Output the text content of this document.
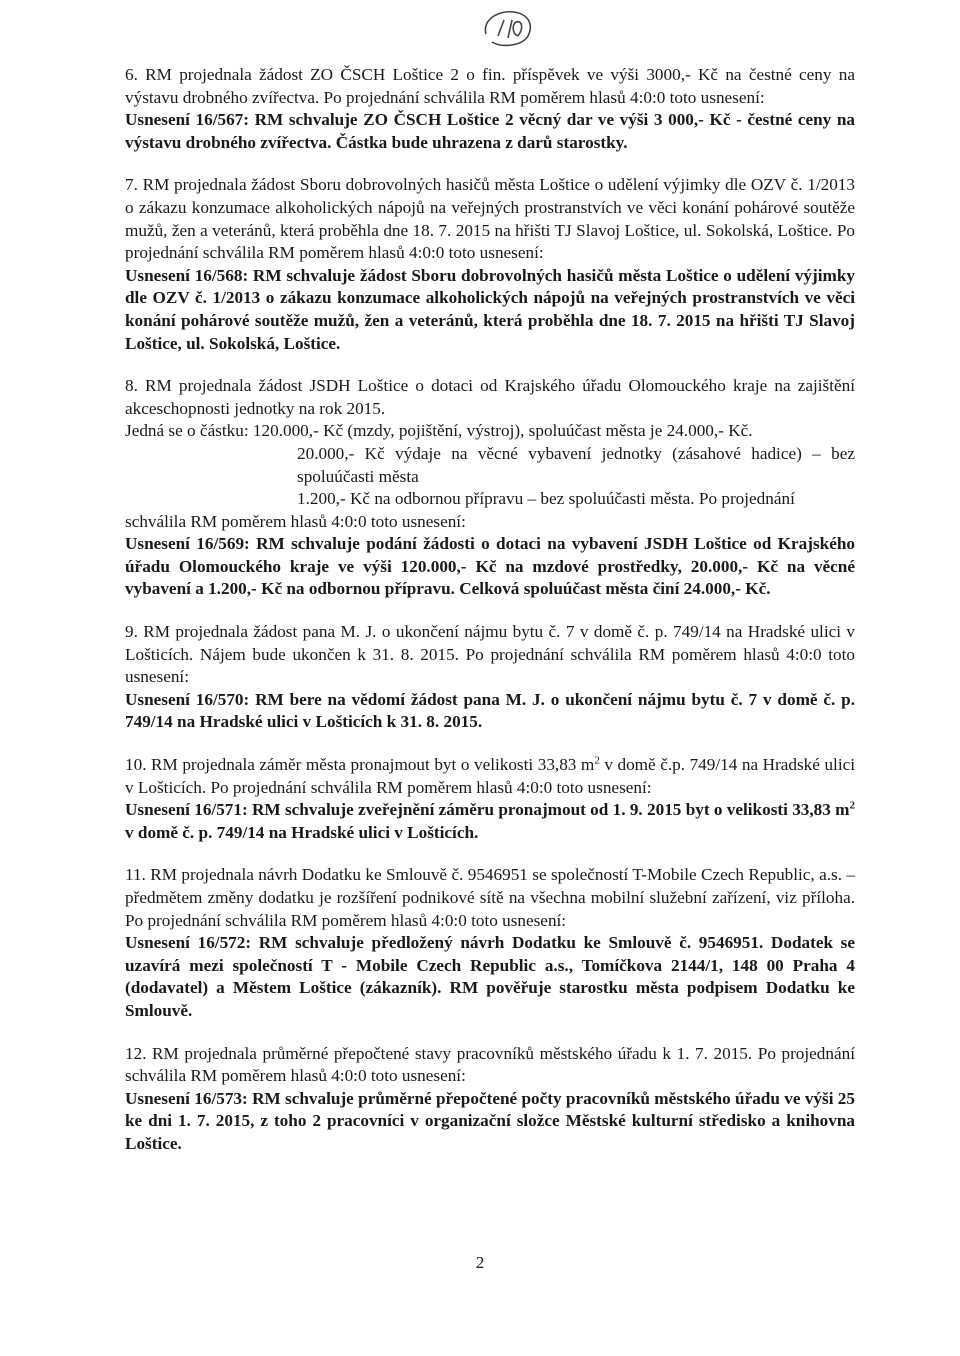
6. RM projednala žádost ZO ČSCH Loštice 2 o fin. příspěvek ve výši 3000,- Kč na čestné ceny na výstavu drobného zvířectva. Po projednání schválila RM poměrem hlasů 4:0:0 toto usnesení:

Usnesení 16/567: RM schvaluje ZO ČSCH Loštice 2 věcný dar ve výši 3 000,- Kč - čestné ceny na výstavu drobného zvířectva. Částka bude uhrazena z darů starostky.

7. RM projednala žádost Sboru dobrovolných hasičů města Loštice o udělení výjimky dle OZV č. 1/2013 o zákazu konzumace alkoholických nápojů na veřejných prostranstvích ve věci konání pohárové soutěže mužů, žen a veteránů, která proběhla dne 18. 7. 2015 na hřišti TJ Slavoj Loštice, ul. Sokolská, Loštice. Po projednání schválila RM poměrem hlasů 4:0:0 toto usnesení:

Usnesení 16/568: RM schvaluje žádost Sboru dobrovolných hasičů města Loštice o udělení výjimky dle OZV č. 1/2013 o zákazu konzumace alkoholických nápojů na veřejných prostranstvích ve věci konání pohárové soutěže mužů, žen a veteránů, která proběhla dne 18. 7. 2015 na hřišti TJ Slavoj Loštice, ul. Sokolská, Loštice.

8. RM projednala žádost JSDH Loštice o dotaci od Krajského úřadu Olomouckého kraje na zajištění akceschopnosti jednotky na rok 2015.

Jedná se o částku: 120.000,- Kč (mzdy, pojištění, výstroj), spoluúčast města je 24.000,- Kč.

20.000,- Kč výdaje na věcné vybavení jednotky (zásahové hadice) – bez spoluúčasti města

1.200,- Kč na odbornou přípravu – bez spoluúčasti města. Po projednání

schválila RM poměrem hlasů 4:0:0 toto usnesení:

Usnesení 16/569: RM schvaluje podání žádosti o dotaci na vybavení JSDH Loštice od Krajského úřadu Olomouckého kraje ve výši 120.000,- Kč na mzdové prostředky, 20.000,- Kč na věcné vybavení a 1.200,- Kč na odbornou přípravu. Celková spoluúčast města činí 24.000,- Kč.

9. RM projednala žádost pana M. J. o ukončení nájmu bytu č. 7 v domě č. p. 749/14 na Hradské ulici v Lošticích. Nájem bude ukončen k 31. 8. 2015. Po projednání schválila RM poměrem hlasů 4:0:0 toto usnesení:

Usnesení 16/570: RM bere na vědomí žádost pana M. J. o ukončení nájmu bytu č. 7 v domě č. p. 749/14 na Hradské ulici v Lošticích k 31. 8. 2015.

10. RM projednala záměr města pronajmout byt o velikosti 33,83 $m^2$ v domě č.p. 749/14 na Hradské ulici v Lošticích. Po projednání schválila RM poměrem hlasů 4:0:0 toto usnesení:

Usnesení 16/571: RM schvaluje zveřejnění záměru pronajmout od 1. 9. 2015 byt o velikosti 33,83 $m^2$ v domě č. p. 749/14 na Hradské ulici v Lošticích.

11. RM projednala návrh Dodatku ke Smlouvě č. 9546951 se společností T-Mobile Czech Republic, a.s. – předmětem změny dodatku je rozšíření podnikové sítě na všechna mobilní služební zařízení, viz příloha. Po projednání schválila RM poměrem hlasů 4:0:0 toto usnesení:

Usnesení 16/572: RM schvaluje předložený návrh Dodatku ke Smlouvě č. 9546951. Dodatek se uzavírá mezi společností T - Mobile Czech Republic a.s., Tomíčkova 2144/1, 148 00 Praha 4 (dodavatel) a Městem Loštice (zákazník). RM pověřuje starostku města podpisem Dodatku ke Smlouvě.

12. RM projednala průměrné přepočtené stavy pracovníků městského úřadu k 1. 7. 2015. Po projednání schválila RM poměrem hlasů 4:0:0 toto usnesení:

Usnesení 16/573: RM schvaluje průměrné přepočtené počty pracovníků městského úřadu ve výši 25 ke dni 1. 7. 2015, z toho 2 pracovníci v organizační složce Městské kulturní středisko a knihovna Loštice.

2
